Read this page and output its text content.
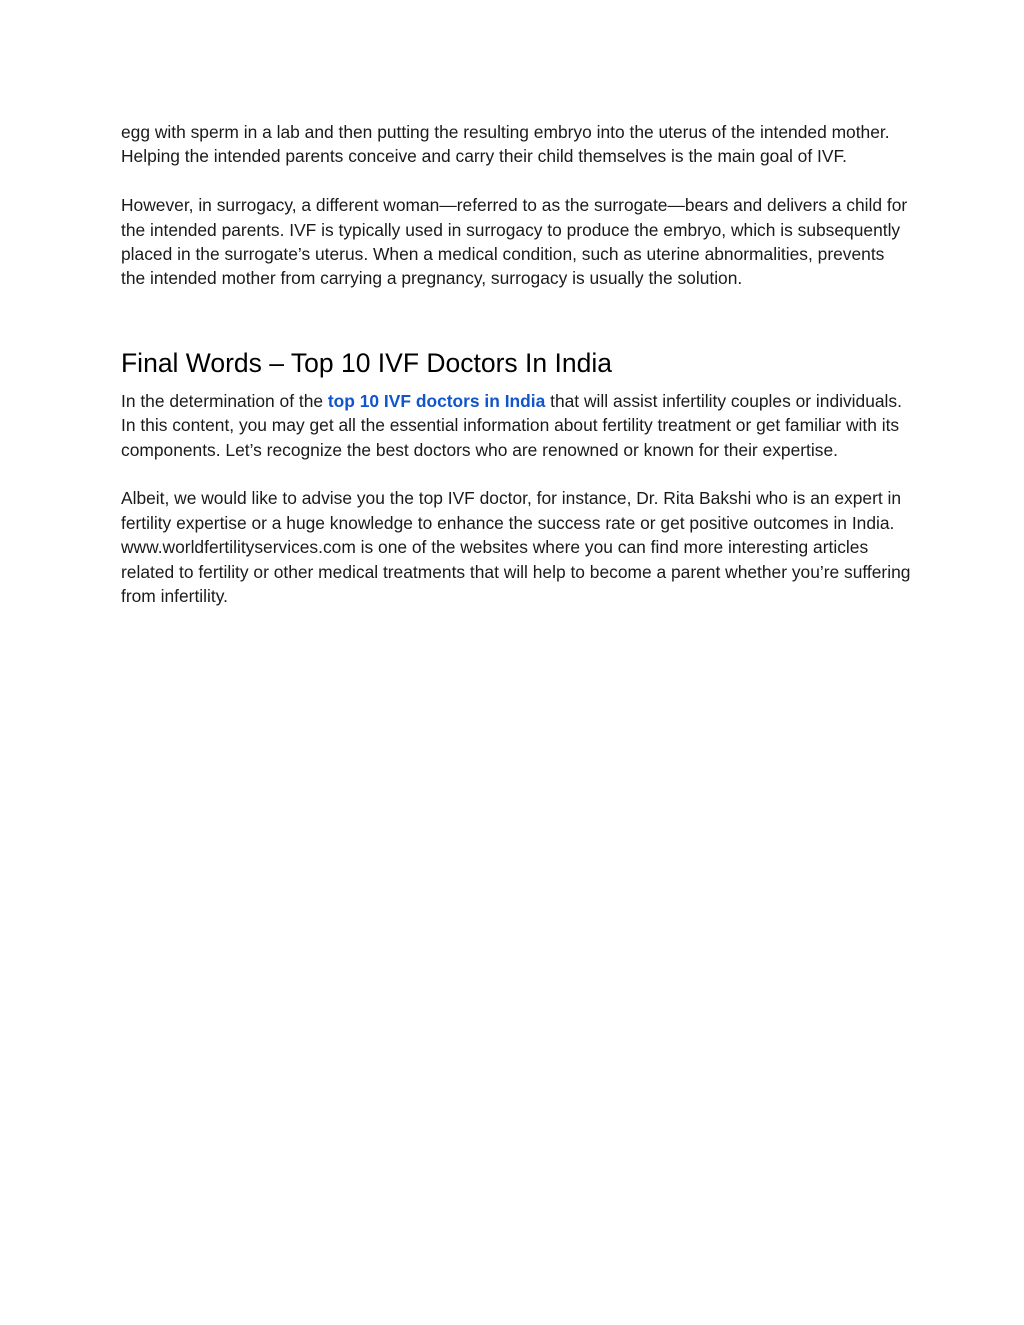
egg with sperm in a lab and then putting the resulting embryo into the uterus of the intended mother. Helping the intended parents conceive and carry their child themselves is the main goal of IVF.

However, in surrogacy, a different woman—referred to as the surrogate—bears and delivers a child for the intended parents. IVF is typically used in surrogacy to produce the embryo, which is subsequently placed in the surrogate’s uterus. When a medical condition, such as uterine abnormalities, prevents the intended mother from carrying a pregnancy, surrogacy is usually the solution.

Final Words – Top 10 IVF Doctors In India

In the determination of the top 10 IVF doctors in India that will assist infertility couples or individuals. In this content, you may get all the essential information about fertility treatment or get familiar with its components. Let’s recognize the best doctors who are renowned or known for their expertise.

Albeit, we would like to advise you the top IVF doctor, for instance, Dr. Rita Bakshi who is an expert in fertility expertise or a huge knowledge to enhance the success rate or get positive outcomes in India. www.worldfertilityservices.com is one of the websites where you can find more interesting articles related to fertility or other medical treatments that will help to become a parent whether you’re suffering from infertility.
